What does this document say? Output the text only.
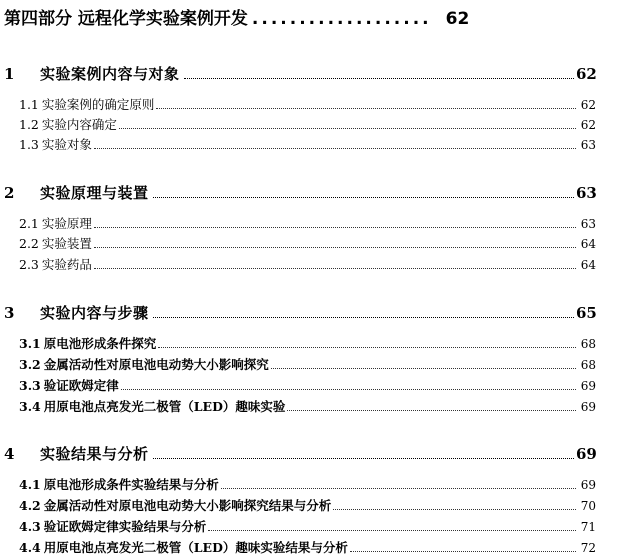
第四部分 远程化学实验案例开发 ................... 62
1	实验案例内容与对象	62
1.1 实验案例的确定原则	62
1.2 实验内容确定	62
1.3 实验对象	63
2	实验原理与装置	63
2.1 实验原理	63
2.2 实验装置	64
2.3 实验药品	64
3	实验内容与步骤	65
3.1 原电池形成条件探究	68
3.2 金属活动性对原电池电动势大小影响探究	68
3.3 验证欧姆定律	69
3.4 用原电池点亮发光二极管（LED）趣味实验	69
4	实验结果与分析	69
4.1 原电池形成条件实验结果与分析	69
4.2 金属活动性对原电池电动势大小影响探究结果与分析	70
4.3 验证欧姆定律实验结果与分析	71
4.4 用原电池点亮发光二极管（LED）趣味实验结果与分析	72
